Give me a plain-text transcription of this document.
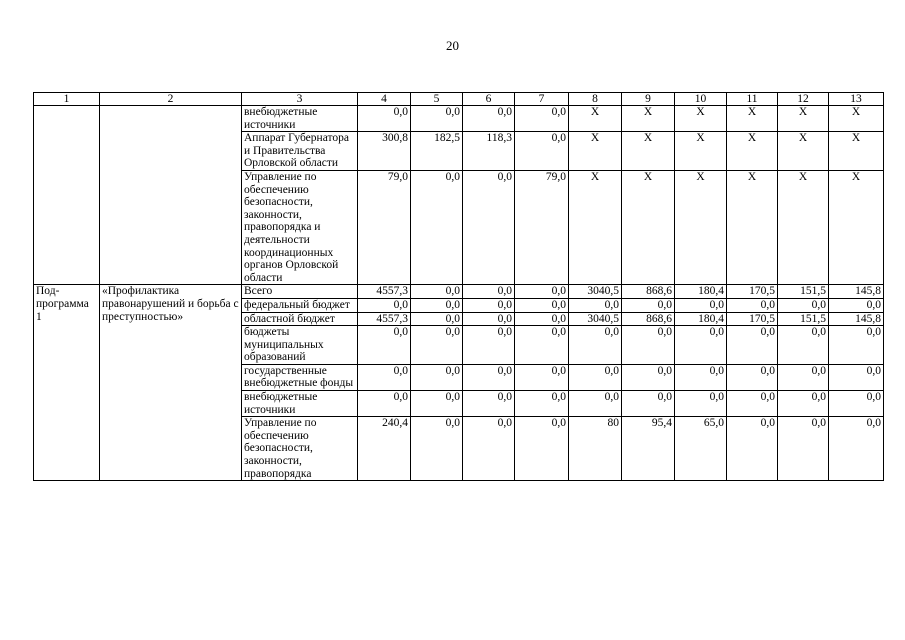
20
1	2	3	4	5	6	7	8	9	10	11	12	13
		внебюджетные источники	0,0	0,0	0,0	0,0	X	X	X	X	X	X
		Аппарат Губернатора и Правительства Орловской области	300,8	182,5	118,3	0,0	X	X	X	X	X	X
		Управление по обеспечению безопасности, законности, правопорядка и деятельности координационных органов Орловской области	79,0	0,0	0,0	79,0	X	X	X	X	X	X
Под-программа 1	«Профилактика правонарушений и борьба с преступностью»	Всего	4557,3	0,0	0,0	0,0	3040,5	868,6	180,4	170,5	151,5	145,8
		федеральный бюджет	0,0	0,0	0,0	0,0	0,0	0,0	0,0	0,0	0,0	0,0
		областной бюджет	4557,3	0,0	0,0	0,0	3040,5	868,6	180,4	170,5	151,5	145,8
		бюджеты муниципальных образований	0,0	0,0	0,0	0,0	0,0	0,0	0,0	0,0	0,0	0,0
		государственные внебюджетные фонды	0,0	0,0	0,0	0,0	0,0	0,0	0,0	0,0	0,0	0,0
		внебюджетные источники	0,0	0,0	0,0	0,0	0,0	0,0	0,0	0,0	0,0	0,0
		Управление по обеспечению безопасности, законности, правопорядка	240,4	0,0	0,0	0,0	80	95,4	65,0	0,0	0,0	0,0
